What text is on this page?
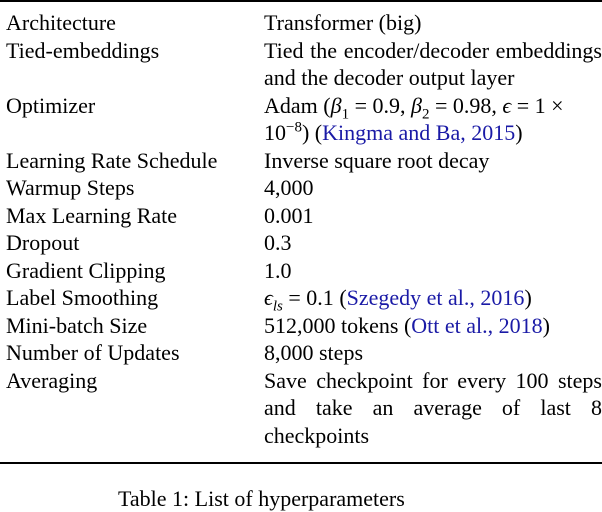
Architecture	Transformer (big)
Tied-embeddings	Tied the encoder/decoder embeddings and the decoder output layer
Optimizer	Adam ($\beta_1 = 0.9$, $\beta_2 = 0.98$, $\epsilon = 1 \times 10^{-8}$) (Kingma and Ba, 2015)
Learning Rate Schedule	Inverse square root decay
Warmup Steps	4,000
Max Learning Rate	0.001
Dropout	0.3
Gradient Clipping	1.0
Label Smoothing	$\epsilon_{ls} = 0.1$ (Szegedy et al., 2016)
Mini-batch Size	512,000 tokens (Ott et al., 2018)
Number of Updates	8,000 steps
Averaging	Save checkpoint for every 100 steps and take an average of last 8 checkpoints
Table 1: List of hyperparameters
